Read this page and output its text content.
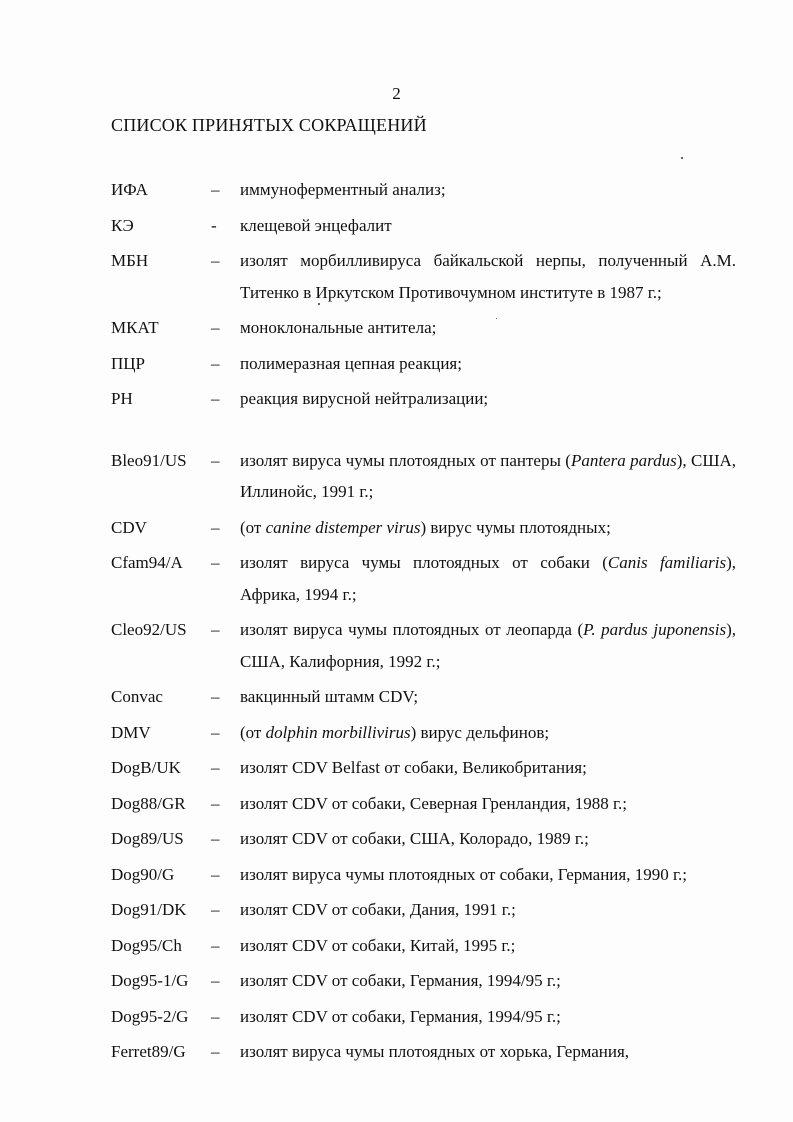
2
СПИСОК ПРИНЯТЫХ СОКРАЩЕНИЙ
ИФА	–	иммуноферментный анализ;
КЭ	-	клещевой энцефалит
МБН	–	изолят морбилливируса байкальской нерпы, полученный А.М. Титенко в Иркутском Противочумном институте в 1987 г.;
МКАТ	–	моноклональные антитела;
ПЦР	–	полимеразная цепная реакция;
РН	–	реакция вирусной нейтрализации;
Bleo91/US	–	изолят вируса чумы плотоядных от пантеры (Pantera pardus), США, Иллинойс, 1991 г.;
CDV	–	(от canine distemper virus) вирус чумы плотоядных;
Cfam94/A	–	изолят вируса чумы плотоядных от собаки (Canis familiaris), Африка, 1994 г.;
Cleo92/US	–	изолят вируса чумы плотоядных от леопарда (P. pardus juponensis), США, Калифорния, 1992 г.;
Convac	–	вакцинный штамм CDV;
DMV	–	(от dolphin morbillivirus) вирус дельфинов;
DogB/UK	–	изолят CDV Belfast от собаки, Великобритания;
Dog88/GR	–	изолят CDV от собаки, Северная Гренландия, 1988 г.;
Dog89/US	–	изолят CDV от собаки, США, Колорадо, 1989 г.;
Dog90/G	–	изолят вируса чумы плотоядных от собаки, Германия, 1990 г.;
Dog91/DK	–	изолят CDV от собаки, Дания, 1991 г.;
Dog95/Ch	–	изолят CDV от собаки, Китай, 1995 г.;
Dog95-1/G	–	изолят CDV от собаки, Германия, 1994/95 г.;
Dog95-2/G	–	изолят CDV от собаки, Германия, 1994/95 г.;
Ferret89/G	–	изолят вируса чумы плотоядных от хорька, Германия,
